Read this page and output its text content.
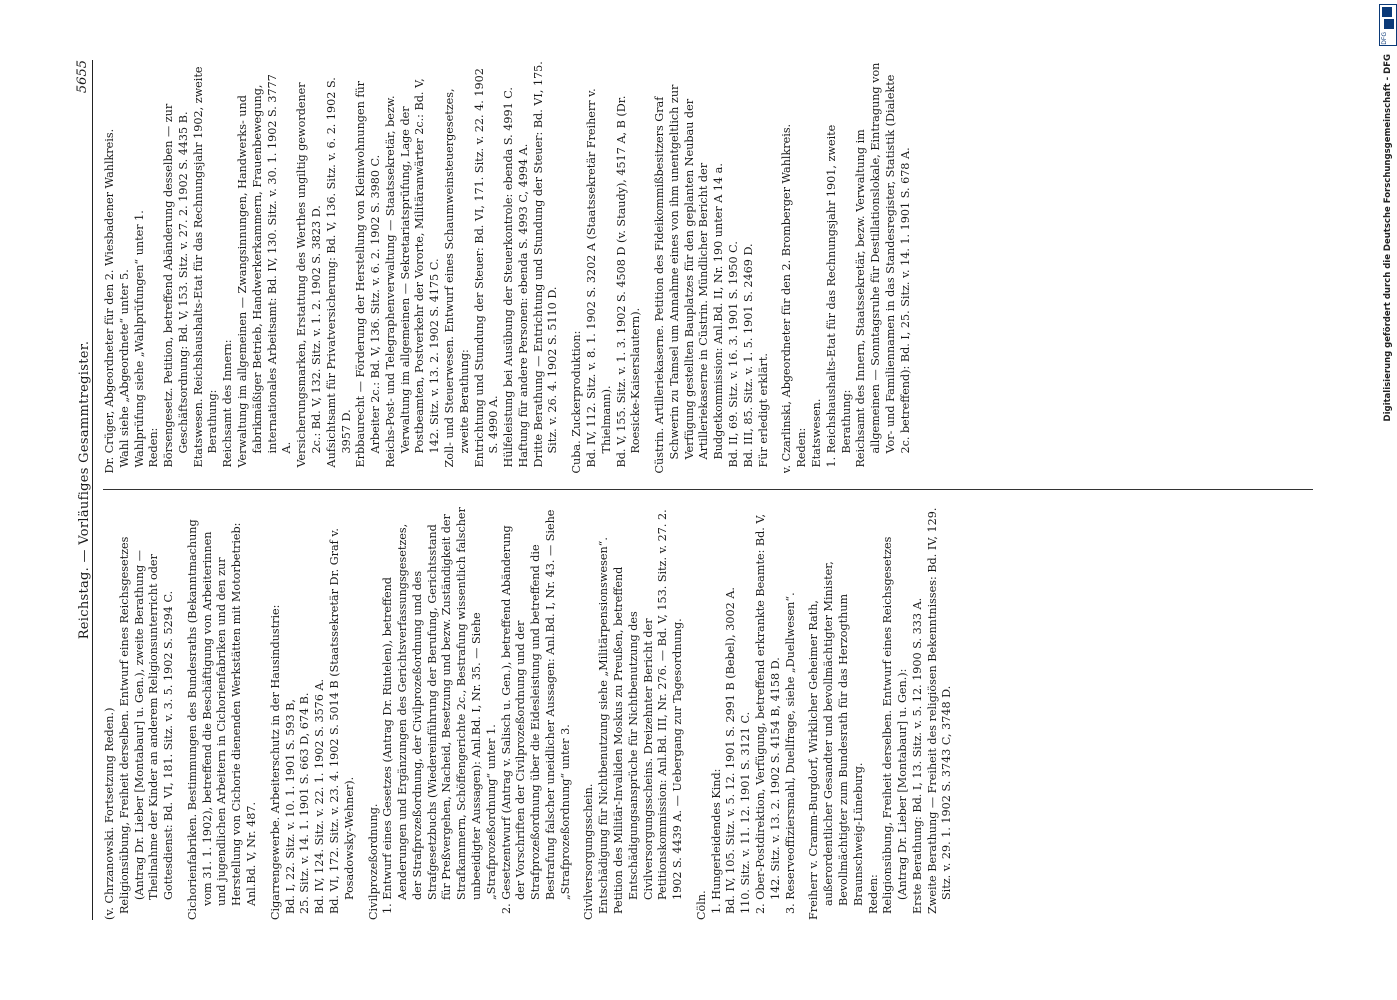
Reichstag. — Vorläufiges Gesammtregister.
5655

(v. Chrzanowski. Fortsetzung Reden.) Religionsübung, Freiheit derselben. Entwurf eines Reichsgesetzes (Antrag Dr. Lieber [Montabaur] u. Gen.), zweite Berathung — Theilnahme der Kinder an anderem Religionsunterricht oder Gottesdienst: Bd. VI, 181. Sitz. v. 3. 5. 1902 S. 5294 C. Cichorienfabriken. Bestimmungen des Bundesraths (Bekanntmachung vom 31. 1. 1902), betreffend die Beschäftigung von Arbeiterinnen und jugendlichen Arbeitern in Cichorienfabriken und den zur Herstellung von Cichorie dienenden Werkstätten mit Motorbetrieb: Anl.Bd. V, Nr. 487. Cigarrengewerbe. Arbeiterschutz in der Hausindustrie: Bd. I, 22. Sitz. v. 10. 1. 1901 S. 593 B, 25. Sitz. v. 14. 1. 1901 S. 663 D, 674 B. Bd. IV, 124. Sitz. v. 22. 1. 1902 S. 3576 A. Bd. VI, 172. Sitz. v. 23. 4. 1902 S. 5014 B (Staatssekretär Dr. Graf v. Posadowsky-Wehner). Civilprozeßordnung. 1. Entwurf eines Gesetzes (Antrag Dr. Rintelen), betreffend Aenderungen und Ergänzungen des Gerichtsverfassungsgesetzes, der Strafprozeßordnung, der Civilprozeßordnung und des Strafgesetzbuchs (Wiedereinführung der Berufung, Gerichtsstand für Preßvergehen, Nacheid, Besetzung und bezw. Zuständigkeit der Strafkammern, Schöffengerichte 2c., Bestrafung wissentlich falscher unbeeidigter Aussagen): Anl.Bd. I, Nr. 35. — Siehe „Strafprozeßordnung“ unter 1. 2. Gesetzentwurf (Antrag v. Salisch u. Gen.), betreffend Abänderung der Vorschriften der Civilprozeßordnung und der Strafprozeßordnung über die Eidesleistung und betreffend die Bestrafung falscher uneidlicher Aussagen: Anl.Bd. I, Nr. 43. — Siehe „Strafprozeßordnung“ unter 3. Civilversorgungsschein. Entschädigung für Nichtbenutzung siehe „Militärpensionswesen“. Petition des Militär-Invaliden Moskus zu Preußen, betreffend Entschädigungsansprüche für Nichtbenutzung des Civilversorgungsscheins. Dreizehnter Bericht der Petitionskommission: Anl.Bd. III, Nr. 276. — Bd. V, 153. Sitz. v. 27. 2. 1902 S. 4439 A. — Uebergang zur Tagesordnung.

Cöln. 1. Hungerleidendes Kind: Bd. IV, 105. Sitz. v. 5. 12. 1901 S. 2991 B (Bebel), 3002 A. 110. Sitz. v. 11. 12. 1901 S. 3121 C. 2. Ober-Postdirektion, Verfügung, betreffend erkrankte Beamte: Bd. V, 142. Sitz. v. 13. 2. 1902 S. 4154 B, 4158 D. 3. Reserveoffiziersmahl, Duellfrage, siehe „Duellwesen“. Freiherr v. Cramm-Burgdorf, Wirklicher Geheimer Rath, außerordentlicher Gesandter und bevollmächtigter Minister, Bevollmächtigter zum Bundesrath für das Herzogthum Braunschweig-Lüneburg. Reden: Religionsübung, Freiheit derselben. Entwurf eines Reichsgesetzes (Antrag Dr. Lieber [Montabaur] u. Gen.): Erste Berathung: Bd. I, 13. Sitz. v. 5. 12. 1900 S. 333 A. Zweite Berathung — Freiheit des religiösen Bekenntnisses: Bd. IV, 129. Sitz. v. 29. 1. 1902 S. 3743 C, 3748 D.

Dr. Crüger, Abgeordneter für den 2. Wiesbadener Wahlkreis. Wahl siehe „Abgeordnete“ unter 5. Wahlprüfung siehe „Wahlprüfungen“ unter 1. Reden: Börsengesetz. Petition, betreffend Abänderung desselben — zur Geschäftsordnung: Bd. V, 153. Sitz. v. 27. 2. 1902 S. 4435 B. Etatswesen. Reichshaushalts-Etat für das Rechnungsjahr 1902, zweite Berathung: Reichsamt des Innern: Verwaltung im allgemeinen — Zwangsinnungen, Handwerks- und fabrikmäßiger Betrieb, Handwerkerkammern, Frauenbewegung, internationales Arbeitsamt: Bd. IV, 130. Sitz. v. 30. 1. 1902 S. 3777 A. Versicherungsmarken, Erstattung des Werthes ungiltig gewordener 2c.: Bd. V, 132. Sitz. v. 1. 2. 1902 S. 3823 D. Aufsichtsamt für Privatversicherung: Bd. V, 136. Sitz. v. 6. 2. 1902 S. 3957 D. Erbbaurecht — Förderung der Herstellung von Kleinwohnungen für Arbeiter 2c.: Bd. V, 136. Sitz. v. 6. 2. 1902 S. 3980 C. Reichs-Post- und Telegraphenverwaltung — Staatssekretär, bezw. Verwaltung im allgemeinen — Sekretariatsprüfung, Lage der Postbeamten, Postverkehr der Vororte, Militäranwärter 2c.: Bd. V, 142. Sitz. v. 13. 2. 1902 S. 4175 C. Zoll- und Steuerwesen. Entwurf eines Schaumweinsteuergesetzes, zweite Berathung: Entrichtung und Stundung der Steuer: Bd. VI, 171. Sitz. v. 22. 4. 1902 S. 4990 A. Hülfeleistung bei Ausübung der Steuerkontrole: ebenda S. 4991 C. Haftung für andere Personen: ebenda S. 4993 C, 4994 A. Dritte Berathung — Entrichtung und Stundung der Steuer: Bd. VI, 175. Sitz. v. 26. 4. 1902 S. 5110 D. Cuba. Zuckerproduktion: Bd. IV, 112. Sitz. v. 8. 1. 1902 S. 3202 A (Staatssekretär Freiherr v. Thielmann). Bd. V, 155. Sitz. v. 1. 3. 1902 S. 4508 D (v. Staudy), 4517 A, B (Dr. Roesicke-Kaiserslautern). Cüstrin. Artilleriekaserne. Petition des Fideikommißbesitzers Graf Schwerin zu Tamsel um Annahme eines von ihm unentgeltlich zur Verfügung gestellten Bauplatzes für den geplanten Neubau der Artilleriekaserne in Cüstrin. Mündlicher Bericht der Budgetkommission: Anl.Bd. II, Nr. 190 unter A 14 a. Bd. II, 69. Sitz. v. 16. 3. 1901 S. 1950 C. Bd. III, 85. Sitz. v. 1. 5. 1901 S. 2469 D. Für erledigt erklärt. v. Czarlinski, Abgeordneter für den 2. Bromberger Wahlkreis. Reden: Etatswesen. 1. Reichshaushalts-Etat für das Rechnungsjahr 1901, zweite Berathung: Reichsamt des Innern, Staatssekretär, bezw. Verwaltung im allgemeinen — Sonntagsruhe für Destillationslokale, Eintragung von Vor- und Familiennamen in das Standesregister, Statistik (Dialekte 2c. betreffend): Bd. I, 25. Sitz. v. 14. 1. 1901 S. 678 A.

DFG
Digitalisierung gefördert durch die Deutsche Forschungsgemeinschaft - DFG
